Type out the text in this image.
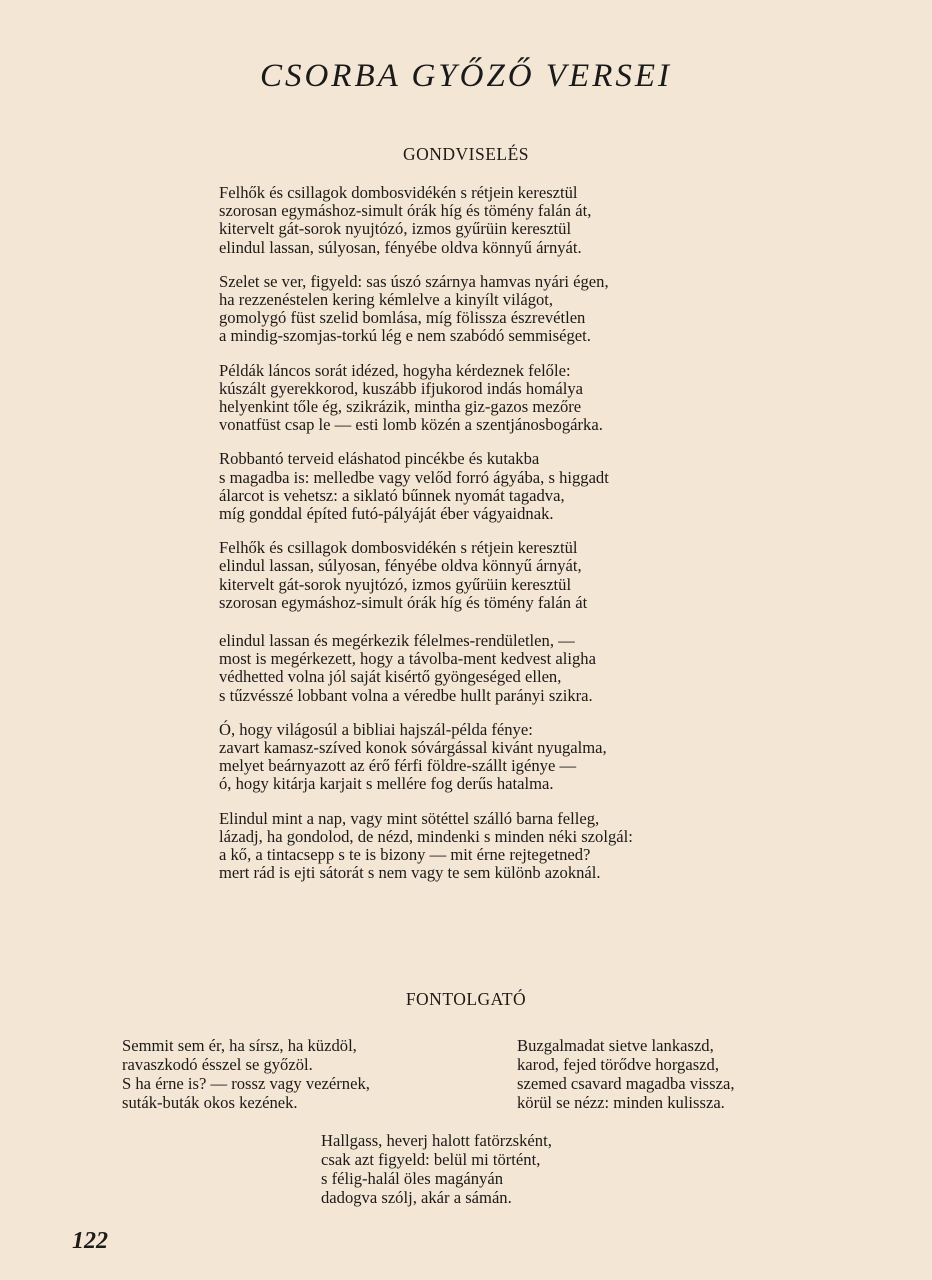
CSORBA GYŐZŐ VERSEI
GONDVISELÉS
Felhők és csillagok dombosvidékén s rétjein keresztül
szorosan egymáshoz-simult órák híg és tömény falán át,
kitervelt gát-sorok nyujtózó, izmos gyűrüin keresztül
elindul lassan, súlyosan, fényébe oldva könnyű árnyát.
Szelet se ver, figyeld: sas úszó szárnya hamvas nyári égen,
ha rezzenéstelen kering kémlelve a kinyílt világot,
gomolygó füst szelid bomlása, míg fölissza észrevétlen
a mindig-szomjas-torkú lég e nem szabódó semmiséget.
Példák láncos sorát idézed, hogyha kérdeznek felőle:
kúszált gyerekkorod, kuszább ifjukorod indás homálya
helyenkint tőle ég, szikrázik, mintha giz-gazos mezőre
vonatfüst csap le — esti lomb közén a szentjánosbogárka.
Robbantó terveid eláshatod pincékbe és kutakba
s magadba is: melledbe vagy velőd forró ágyába, s higgadt
álarcot is vehetsz: a siklató bűnnek nyomát tagadva,
míg gonddal építed futó-pályáját éber vágyaidnak.
Felhők és csillagok dombosvidékén s rétjein keresztül
elindul lassan, súlyosan, fényébe oldva könnyű árnyát,
kitervelt gát-sorok nyujtózó, izmos gyűrüin keresztül
szorosan egymáshoz-simult órák híg és tömény falán át
elindul lassan és megérkezik félelmes-rendületlen, —
most is megérkezett, hogy a távolba-ment kedvest aligha
védhetted volna jól saját kisértő gyöngeséged ellen,
s tűzvésszé lobbant volna a véredbe hullt parányi szikra.
Ó, hogy világosúl a bibliai hajszál-példa fénye:
zavart kamasz-szíved konok sóvárgással kivánt nyugalma,
melyet beárnyazott az érő férfi földre-szállt igénye —
ó, hogy kitárja karjait s mellére fog derűs hatalma.
Elindul mint a nap, vagy mint sötéttel szálló barna felleg,
lázadj, ha gondolod, de nézd, mindenki s minden néki szolgál:
a kő, a tintacsepp s te is bizony — mit érne rejtegetned?
mert rád is ejti sátorát s nem vagy te sem különb azoknál.
FONTOLGATÓ
Semmit sem ér, ha sírsz, ha küzdöl,
ravaszkodó ésszel se győzöl.
S ha érne is? — rossz vagy vezérnek,
suták-buták okos kezének.
Buzgalmadat sietve lankaszd,
karod, fejed törődve horgaszd,
szemed csavard magadba vissza,
körül se nézz: minden kulissza.
Hallgass, heverj halott fatörzsként,
csak azt figyeld: belül mi történt,
s félig-halál öles magányán
dadogva szólj, akár a sámán.
122
